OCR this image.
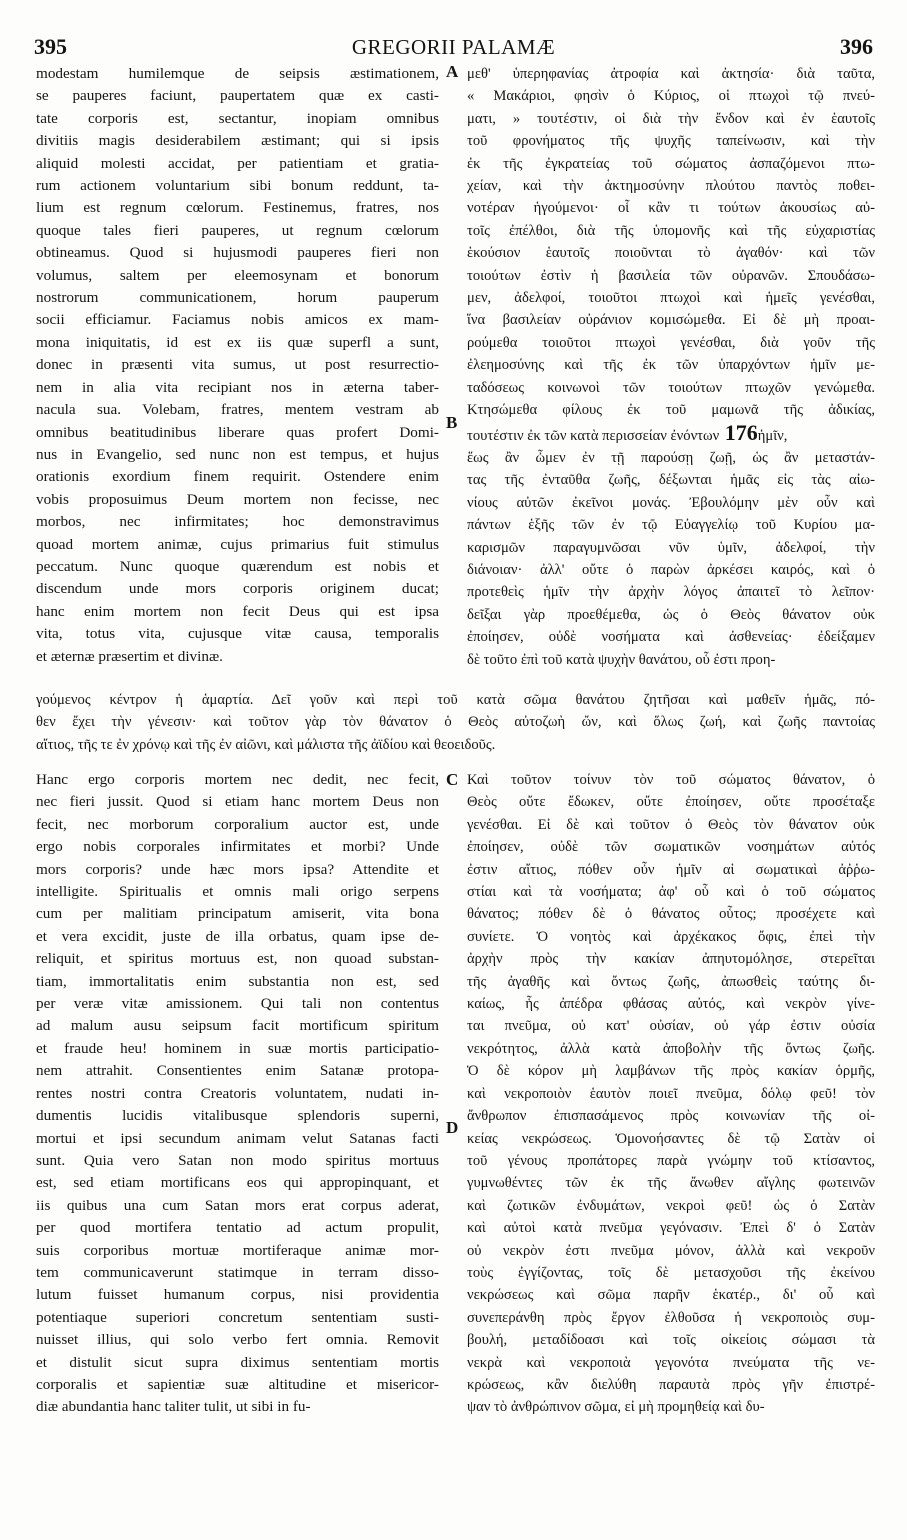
395	GREGORII PALAMÆ	396
A
B
C
D
modestam humilemque de seipsis æstimationem,
se pauperes faciunt, paupertatem quæ ex casti-
tate corporis est, sectantur, inopiam omnibus
divitiis magis desiderabilem æstimant; qui si ipsis
aliquid molesti accidat, per patientiam et gratia-
rum actionem voluntarium sibi bonum reddunt, ta-
lium est regnum cœlorum. Festinemus, fratres, nos
quoque tales fieri pauperes, ut regnum cœlorum
obtineamus. Quod si hujusmodi pauperes fieri non
volumus, saltem per eleemosynam et bonorum
nostrorum communicationem, horum pauperum
socii efficiamur. Faciamus nobis amicos ex mam-
mona iniquitatis, id est ex iis quæ superfl a sunt,
donec in præsenti vita sumus, ut post resurrectio-
nem in alia vita recipiant nos in æterna taber-
nacula sua. Volebam, fratres, mentem vestram ab
omnibus beatitudinibus liberare quas profert Domi-
nus in Evangelio, sed nunc non est tempus, et hujus
orationis exordium finem requirit. Ostendere enim
vobis proposuimus Deum mortem non fecisse, nec
morbos, nec infirmitates; hoc demonstravimus
quoad mortem animæ, cujus primarius fuit stimulus
peccatum. Nunc quoque quærendum est nobis et
discendum unde mors corporis originem ducat;
hanc enim mortem non fecit Deus qui est ipsa
vita, totus vita, cujusque vitæ causa, temporalis
et æternæ præsertim et divinæ.
μεθ' ὑπερηφανίας ἀτροφία καὶ ἀκτησία· διὰ ταῦτα,
« Μακάριοι, φησὶν ὁ Κύριος, οἱ πτωχοὶ τῷ πνεύ-
ματι, » τουτέστιν, οἱ διὰ τὴν ἔνδον καὶ ἐν ἑαυτοῖς
τοῦ φρονήματος τῆς ψυχῆς ταπείνωσιν, καὶ τὴν
ἐκ τῆς ἐγκρατείας τοῦ σώματος ἀσπαζόμενοι πτω-
χείαν, καὶ τὴν ἀκτημοσύνην πλούτου παντὸς ποθει-
νοτέραν ἡγούμενοι· οἷ κἂν τι τούτων ἀκουσίως αὐ-
τοῖς ἐπέλθοι, διὰ τῆς ὑπομονῆς καὶ τῆς εὐχαριστίας
ἑκούσιον ἑαυτοῖς ποιοῦνται τὸ ἀγαθόν· καὶ τῶν
τοιούτων ἐστὶν ἡ βασιλεία τῶν οὐρανῶν. Σπουδάσω-
μεν, ἀδελφοί, τοιοῦτοι πτωχοὶ καὶ ἡμεῖς γενέσθαι,
ἵνα βασιλείαν οὐράνιον κομισώμεθα. Εἰ δὲ μὴ προαι-
ρούμεθα τοιοῦτοι πτωχοὶ γενέσθαι, διὰ γοῦν τῆς
ἐλεημοσύνης καὶ τῆς ἐκ τῶν ὑπαρχόντων ἡμῖν με-
ταδόσεως κοινωνοὶ τῶν τοιούτων πτωχῶν γενώμεθα.
Κτησώμεθα φίλους ἐκ τοῦ μαμωνᾶ τῆς ἀδικίας,
τουτέστιν ἐκ τῶν κατὰ περισσείαν ἐνόντων 176ἡμῖν,
ἕως ἂν ὦμεν ἐν τῇ παρούσῃ ζωῇ, ὡς ἂν μεταστάν-
τας τῆς ἐνταῦθα ζωῆς, δέξωνται ἡμᾶς εἰς τὰς αἰω-
νίους αὐτῶν ἐκεῖνοι μονάς. Ἐβουλόμην μὲν οὖν καὶ
πάντων ἑξῆς τῶν ἐν τῷ Εὐαγγελίῳ τοῦ Κυρίου μα-
καρισμῶν παραγυμνῶσαι νῦν ὑμῖν, ἀδελφοί, τὴν
διάνοιαν· ἀλλ' οὔτε ὁ παρὼν ἀρκέσει καιρός, καὶ ὁ
προτεθεὶς ἡμῖν τὴν ἀρχὴν λόγος ἀπαιτεῖ τὸ λεῖπον·
δεῖξαι γὰρ προεθέμεθα, ὡς ὁ Θεὸς θάνατον οὐκ
ἐποίησεν, οὐδὲ νοσήματα καὶ ἀσθενείας· ἐδείξαμεν
δὲ τοῦτο ἐπὶ τοῦ κατὰ ψυχὴν θανάτου, οὗ ἐστι προη-
γούμενος κέντρον ἡ ἁμαρτία. Δεῖ γοῦν καὶ περὶ τοῦ κατὰ σῶμα θανάτου ζητῆσαι καὶ μαθεῖν ἡμᾶς, πό-
θεν ἔχει τὴν γένεσιν· καὶ τοῦτον γὰρ τὸν θάνατον ὁ Θεὸς αὐτοζωὴ ὤν, καὶ ὅλως ζωή, καὶ ζωῆς παντοίας
αἴτιος, τῆς τε ἐν χρόνῳ καὶ τῆς ἐν αἰῶνι, καὶ μάλιστα τῆς ἀϊδίου καὶ θεοειδοῦς.
Hanc ergo corporis mortem nec dedit, nec fecit,
nec fieri jussit. Quod si etiam hanc mortem Deus non
fecit, nec morborum corporalium auctor est, unde
ergo nobis corporales infirmitates et morbi? Unde
mors corporis? unde hæc mors ipsa? Attendite et
intelligite. Spiritualis et omnis mali origo serpens
cum per malitiam principatum amiserit, vita bona
et vera excidit, juste de illa orbatus, quam ipse de-
reliquit, et spiritus mortuus est, non quoad substan-
tiam, immortalitatis enim substantia non est, sed
per veræ vitæ amissionem. Qui tali non contentus
ad malum ausu seipsum facit mortificum spiritum
et fraude heu! hominem in suæ mortis participatio-
nem attrahit. Consentientes enim Satanæ protopa-
rentes nostri contra Creatoris voluntatem, nudati in-
dumentis lucidis vitalibusque splendoris superni,
mortui et ipsi secundum animam velut Satanas facti
sunt. Quia vero Satan non modo spiritus mortuus
est, sed etiam mortificans eos qui appropinquant, et
iis quibus una cum Satan mors erat corpus aderat,
per quod mortifera tentatio ad actum propulit,
suis corporibus mortuæ mortiferaque animæ mor-
tem communicaverunt statimque in terram disso-
lutum fuisset humanum corpus, nisi providentia
potentiaque superiori concretum sententiam susti-
nuisset illius, qui solo verbo fert omnia. Removit
et distulit sicut supra diximus sententiam mortis
corporalis et sapientiæ suæ altitudine et misericor-
diæ abundantia hanc taliter tulit, ut sibi in fu-
Καὶ τοῦτον τοίνυν τὸν τοῦ σώματος θάνατον, ὁ
Θεὸς οὔτε ἔδωκεν, οὔτε ἐποίησεν, οὔτε προσέταξε
γενέσθαι. Εἰ δὲ καὶ τοῦτον ὁ Θεὸς τὸν θάνατον οὐκ
ἐποίησεν, οὐδὲ τῶν σωματικῶν νοσημάτων αὐτός
ἐστιν αἴτιος, πόθεν οὖν ἡμῖν αἱ σωματικαὶ ἀῤῥω-
στίαι καὶ τὰ νοσήματα; ἀφ' οὗ καὶ ὁ τοῦ σώματος
θάνατος; πόθεν δὲ ὁ θάνατος οὗτος; προσέχετε καὶ
συνίετε. Ὁ νοητὸς καὶ ἀρχέκακος ὄφις, ἐπεὶ τὴν
ἀρχὴν πρὸς τὴν κακίαν ἀπηυτομόλησε, στερεῖται
τῆς ἀγαθῆς καὶ ὄντως ζωῆς, ἀπωσθεὶς ταύτης δι-
καίως, ἧς ἀπέδρα φθάσας αὐτός, καὶ νεκρὸν γίνε-
ται πνεῦμα, οὐ κατ' οὐσίαν, οὐ γάρ ἐστιν οὐσία
νεκρότητος, ἀλλὰ κατὰ ἀποβολὴν τῆς ὄντως ζωῆς.
Ὁ δὲ κόρον μὴ λαμβάνων τῆς πρὸς κακίαν ὁρμῆς,
καὶ νεκροποιὸν ἑαυτὸν ποιεῖ πνεῦμα, δόλῳ φεῦ! τὸν
ἄνθρωπον ἐπισπασάμενος πρὸς κοινωνίαν τῆς οἰ-
κείας νεκρώσεως. Ὁμονοήσαντες δὲ τῷ Σατὰν οἱ
τοῦ γένους προπάτορες παρὰ γνώμην τοῦ κτίσαντος,
γυμνωθέντες τῶν ἐκ τῆς ἄνωθεν αἴγλης φωτεινῶν
καὶ ζωτικῶν ἐνδυμάτων, νεκροὶ φεῦ! ὡς ὁ Σατὰν
καὶ αὐτοὶ κατὰ πνεῦμα γεγόνασιν. Ἐπεὶ δ' ὁ Σατὰν
οὐ νεκρὸν ἐστι πνεῦμα μόνον, ἀλλὰ καὶ νεκροῦν
τοὺς ἐγγίζοντας, τοῖς δὲ μετασχοῦσι τῆς ἐκείνου
νεκρώσεως καὶ σῶμα παρῆν ἑκατέρ., δι' οὗ καὶ
συνεπεράνθη πρὸς ἔργον ἐλθοῦσα ἡ νεκροποιὸς συμ-
βουλή, μεταδίδοασι καὶ τοῖς οἰκείοις σώμασι τὰ
νεκρὰ καὶ νεκροποιὰ γεγονότα πνεύματα τῆς νε-
κρώσεως, κἂν διελύθη παραυτὰ πρὸς γῆν ἐπιστρέ-
ψαν τὸ ἀνθρώπινον σῶμα, εἰ μὴ προμηθείᾳ καὶ δυ-
